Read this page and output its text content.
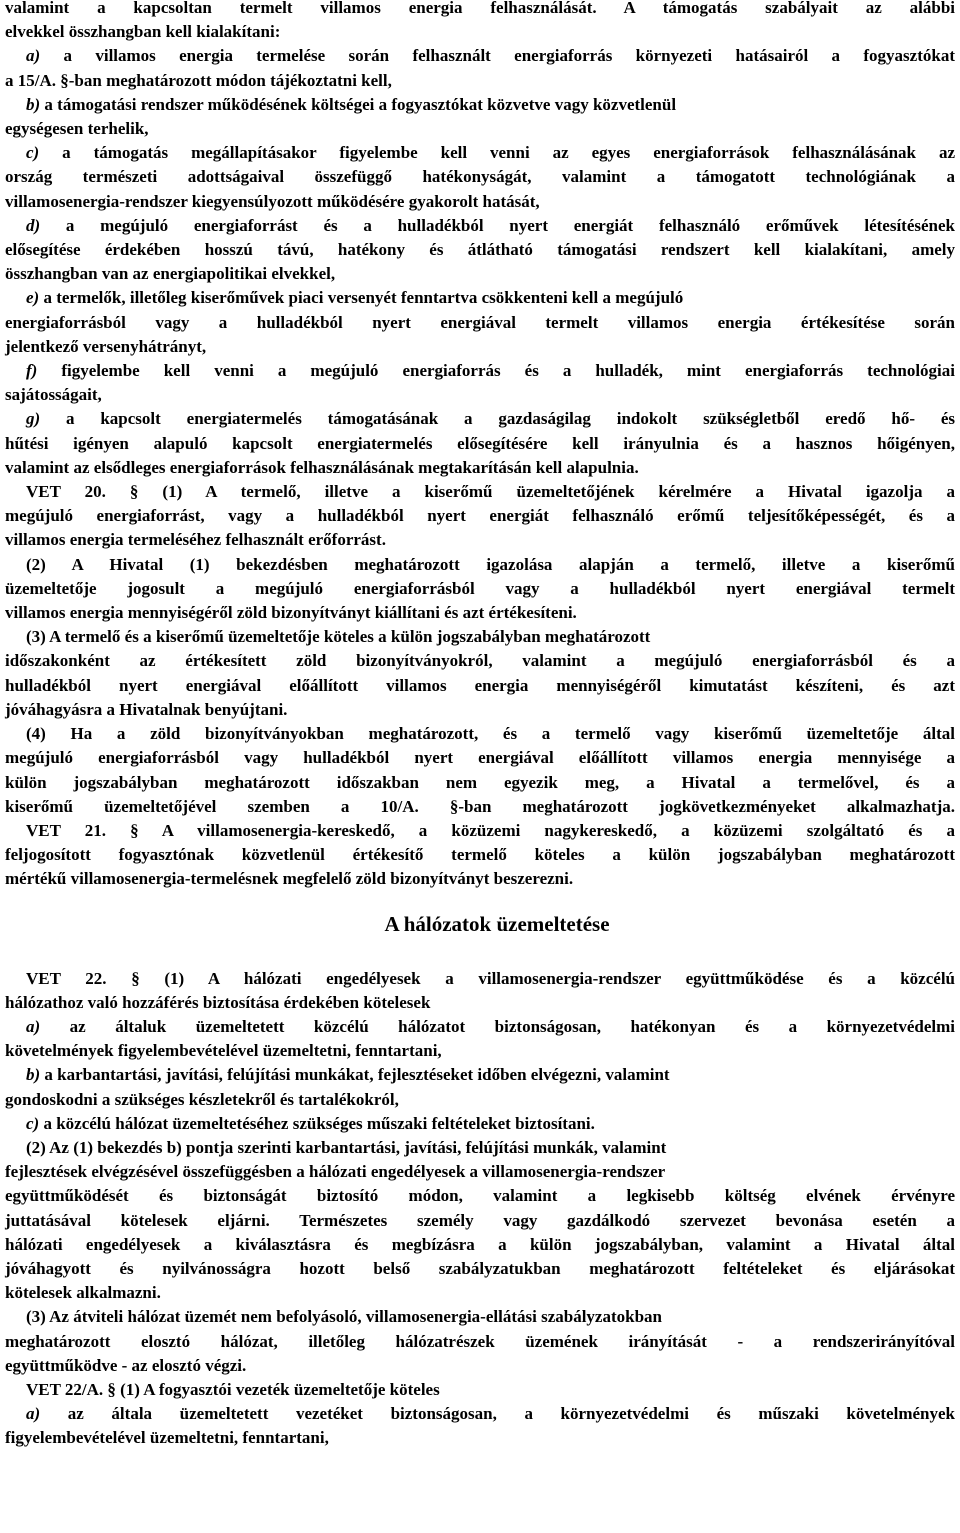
valamint a kapcsoltan termelt villamos energia felhasználását. A támogatás szabályait az alábbi
elvekkel összhangban kell kialakítani:
a) a villamos energia termelése során felhasznált energiaforrás környezeti hatásairól a fogyasztókat
a 15/A. §-ban meghatározott módon tájékoztatni kell,
b) a támogatási rendszer működésének költségei a fogyasztókat közvetve vagy közvetlenül
egységesen terhelik,
c) a támogatás megállapításakor figyelembe kell venni az egyes energiaforrások felhasználásának az
ország természeti adottságaival összefüggő hatékonyságát, valamint a támogatott technológiának a
villamosenergia-rendszer kiegyensúlyozott működésére gyakorolt hatását,
d) a megújuló energiaforrást és a hulladékból nyert energiát felhasználó erőművek létesítésének
elősegítése érdekében hosszú távú, hatékony és átlátható támogatási rendszert kell kialakítani, amely
összhangban van az energiapolitikai elvekkel,
e) a termelők, illetőleg kiserőművek piaci versenyét fenntartva csökkenteni kell a megújuló
energiaforrásból vagy a hulladékból nyert energiával termelt villamos energia értékesítése során
jelentkező versenyhátrányt,
f) figyelembe kell venni a megújuló energiaforrás és a hulladék, mint energiaforrás technológiai
sajátosságait,
g) a kapcsolt energiatermelés támogatásának a gazdaságilag indokolt szükségletből eredő hő- és
hűtési igényen alapuló kapcsolt energiatermelés elősegítésére kell irányulnia és a hasznos hőigényen,
valamint az elsődleges energiaforrások felhasználásának megtakarításán kell alapulnia.
VET 20. § (1) A termelő, illetve a kiserőmű üzemeltetőjének kérelmére a Hivatal igazolja a
megújuló energiaforrást, vagy a hulladékból nyert energiát felhasználó erőmű teljesítőképességét, és a
villamos energia termeléséhez felhasznált erőforrást.
(2) A Hivatal (1) bekezdésben meghatározott igazolása alapján a termelő, illetve a kiserőmű
üzemeltetője jogosult a megújuló energiaforrásból vagy a hulladékból nyert energiával termelt
villamos energia mennyiségéről zöld bizonyítványt kiállítani és azt értékesíteni.
(3) A termelő és a kiserőmű üzemeltetője köteles a külön jogszabályban meghatározott
időszakonként az értékesített zöld bizonyítványokról, valamint a megújuló energiaforrásból és a
hulladékból nyert energiával előállított villamos energia mennyiségéről kimutatást készíteni, és azt
jóváhagyásra a Hivatalnak benyújtani.
(4) Ha a zöld bizonyítványokban meghatározott, és a termelő vagy kiserőmű üzemeltetője által
megújuló energiaforrásból vagy hulladékból nyert energiával előállított villamos energia mennyisége a
külön jogszabályban meghatározott időszakban nem egyezik meg, a Hivatal a termelővel, és a
kiserőmű üzemeltetőjével szemben a 10/A. §-ban meghatározott jogkövetkezményeket alkalmazhatja.
VET 21. § A villamosenergia-kereskedő, a közüzemi nagykereskedő, a közüzemi szolgáltató és a
feljogosított fogyasztónak közvetlenül értékesítő termelő köteles a külön jogszabályban meghatározott
mértékű villamosenergia-termelésnek megfelelő zöld bizonyítványt beszerezni.
A hálózatok üzemeltetése
VET 22. § (1) A hálózati engedélyesek a villamosenergia-rendszer együttműködése és a közcélú
hálózathoz való hozzáférés biztosítása érdekében kötelesek
a) az általuk üzemeltetett közcélú hálózatot biztonságosan, hatékonyan és a környezetvédelmi
követelmények figyelembevételével üzemeltetni, fenntartani,
b) a karbantartási, javítási, felújítási munkákat, fejlesztéseket időben elvégezni, valamint
gondoskodni a szükséges készletekről és tartalékokról,
c) a közcélú hálózat üzemeltetéséhez szükséges műszaki feltételeket biztosítani.
(2) Az (1) bekezdés b) pontja szerinti karbantartási, javítási, felújítási munkák, valamint
fejlesztések elvégzésével összefüggésben a hálózati engedélyesek a villamosenergia-rendszer
együttműködését és biztonságát biztosító módon, valamint a legkisebb költség elvének érvényre
juttatásával kötelesek eljárni. Természetes személy vagy gazdálkodó szervezet bevonása esetén a
hálózati engedélyesek a kiválasztásra és megbízásra a külön jogszabályban, valamint a Hivatal által
jóváhagyott és nyilvánosságra hozott belső szabályzatukban meghatározott feltételeket és eljárásokat
kötelesek alkalmazni.
(3) Az átviteli hálózat üzemét nem befolyásoló, villamosenergia-ellátási szabályzatokban
meghatározott elosztó hálózat, illetőleg hálózatrészek üzemének irányítását - a rendszerirányítóval
együttműködve - az elosztó végzi.
VET 22/A. § (1) A fogyasztói vezeték üzemeltetője köteles
a) az általa üzemeltetett vezetéket biztonságosan, a környezetvédelmi és műszaki követelmények
figyelembevételével üzemeltetni, fenntartani,
